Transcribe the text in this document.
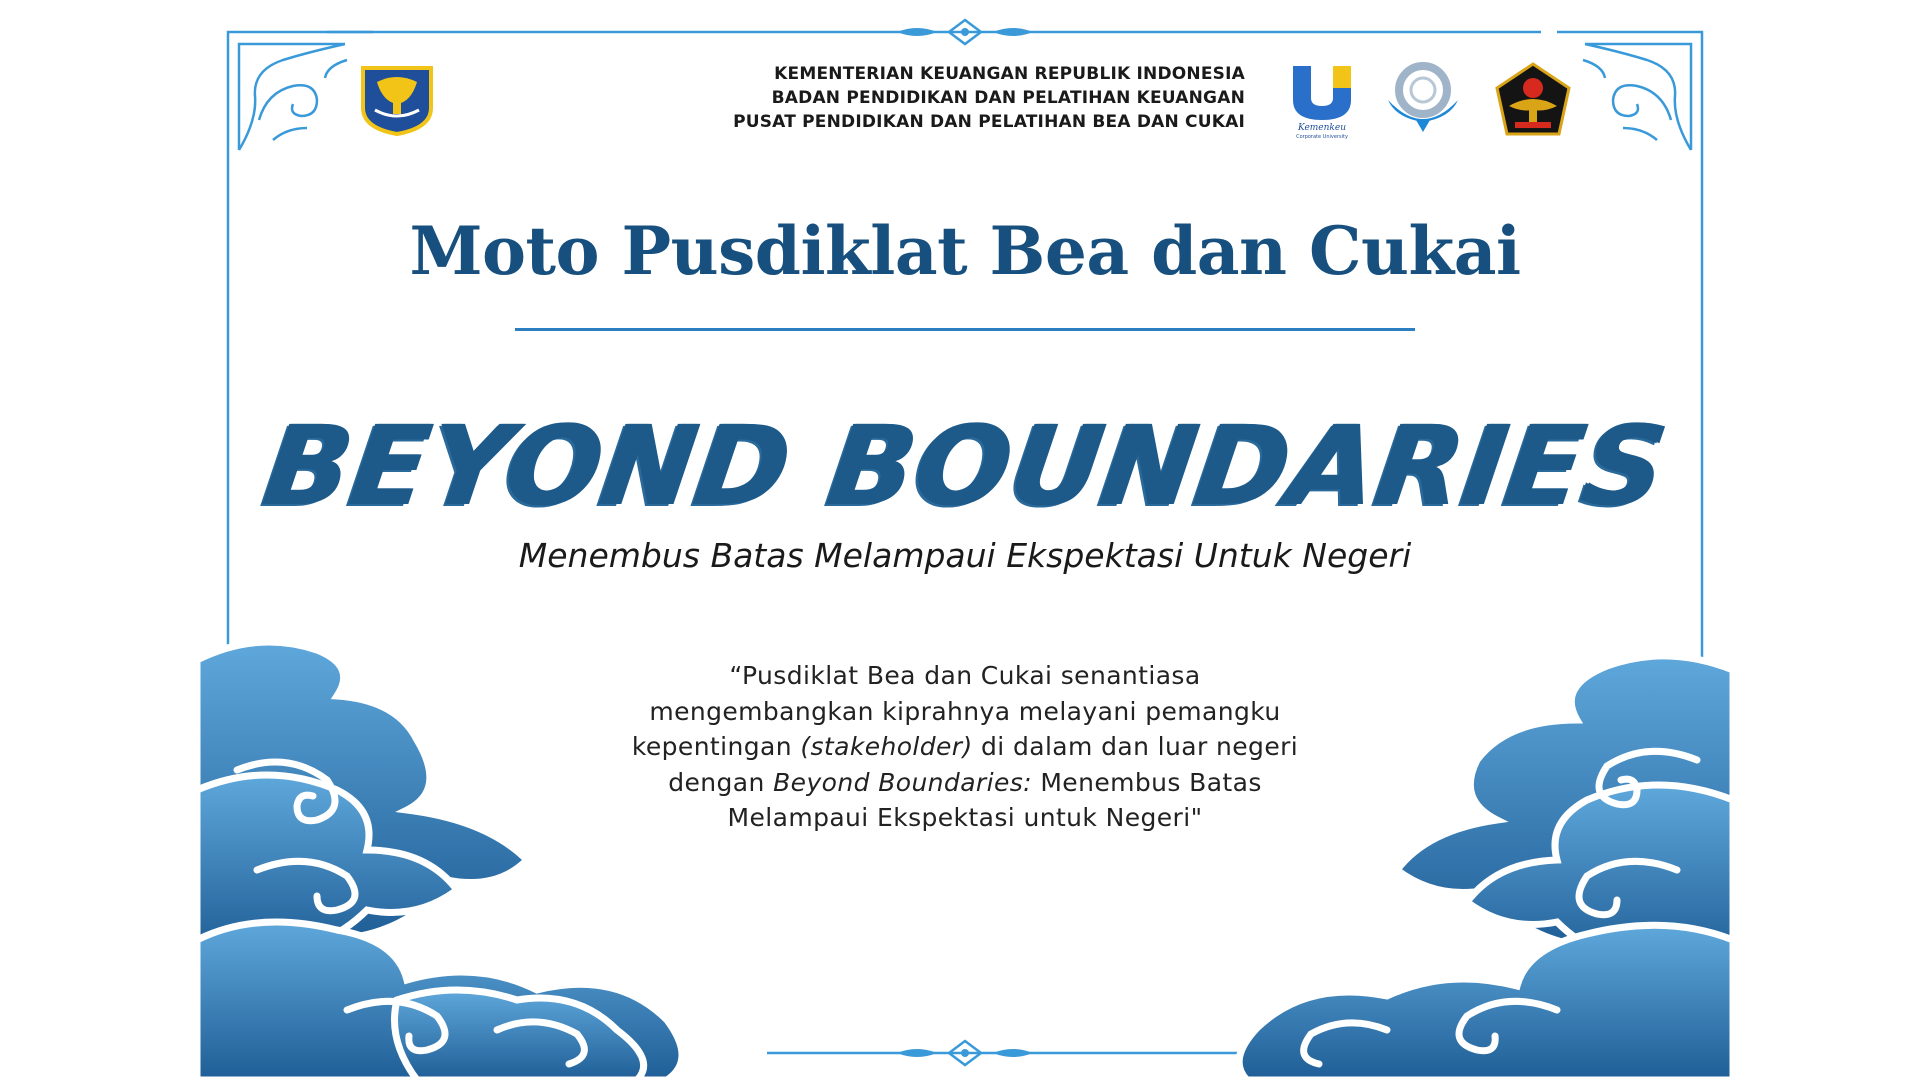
KEMENTERIAN KEUANGAN REPUBLIK INDONESIA
BADAN PENDIDIKAN DAN PELATIHAN KEUANGAN
PUSAT PENDIDIKAN DAN PELATIHAN BEA DAN CUKAI	Kemenkeu
Corporate University
Moto Pusdiklat Bea dan Cukai
BEYOND BOUNDARIES
Menembus Batas Melampaui Ekspektasi Untuk Negeri
“Pusdiklat Bea dan Cukai senantiasa
mengembangkan kiprahnya melayani pemangku
kepentingan (stakeholder) di dalam dan luar negeri
dengan Beyond Boundaries: Menembus Batas
Melampaui Ekspektasi untuk Negeri"
